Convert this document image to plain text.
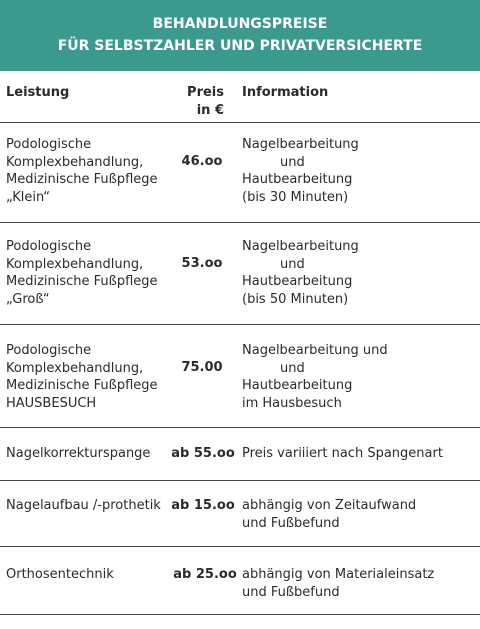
BEHANDLUNGSPREISE
FÜR SELBSTZAHLER UND PRIVATVERSICHERTE
Leistung	Preis
in €
Information
Podologische
Komplexbehandlung,
Medizinische Fußpflege
„Klein“
46.oo
Nagelbearbeitung
und
Hautbearbeitung
(bis 30 Minuten)
Podologische
Komplexbehandlung,
Medizinische Fußpflege
„Groß“
53.oo
Nagelbearbeitung
und
Hautbearbeitung
(bis 50 Minuten)
Podologische
Komplexbehandlung,
Medizinische Fußpflege
HAUSBESUCH
75.00
Nagelbearbeitung und
und
Hautbearbeitung
im Hausbesuch
Nagelkorrekturspange ab 55.oo Preis variiiert nach Spangenart
Nagelaufbau /-prothetik ab 15.oo abhängig von Zeitaufwand
und Fußbefund
Orthosentechnik	ab 25.oo abhängig von Materialeinsatz
und Fußbefund
